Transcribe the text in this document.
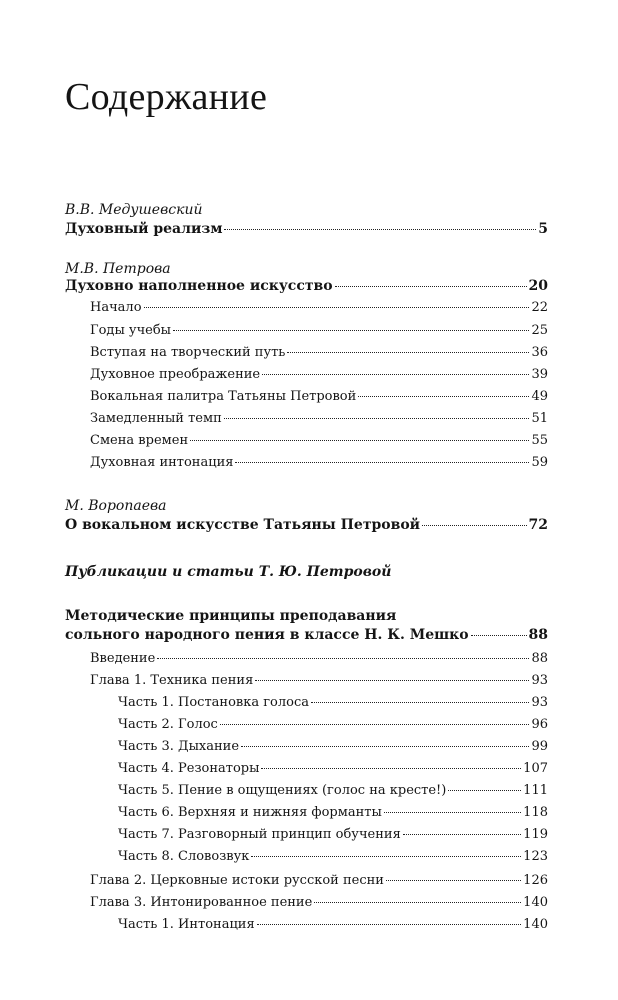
Содержание
В.В. Медушевский
Духовный реализм	5
М.В. Петрова
Духовно наполненное искусство	20
Начало	22
Годы учебы	25
Вступая на творческий путь	36
Духовное преображение	39
Вокальная палитра Татьяны Петровой	49
Замедленный темп	51
Смена времен	55
Духовная интонация	59
М. Воропаева
О вокальном искусстве Татьяны Петровой	72
Публикации и статьи Т. Ю. Петровой
Методические принципы преподавания
сольного народного пения в классе Н. К. Мешко	88
Введение	88
Глава 1. Техника пения	93
Часть 1. Постановка голоса	93
Часть 2. Голос	96
Часть 3. Дыхание	99
Часть 4. Резонаторы	107
Часть 5. Пение в ощущениях (голос на кресте!)	111
Часть 6. Верхняя и нижняя форманты	118
Часть 7. Разговорный принцип обучения	119
Часть 8. Словозвук	123
Глава 2. Церковные истоки русской песни	126
Глава 3. Интонированное пение	140
Часть 1. Интонация	140
